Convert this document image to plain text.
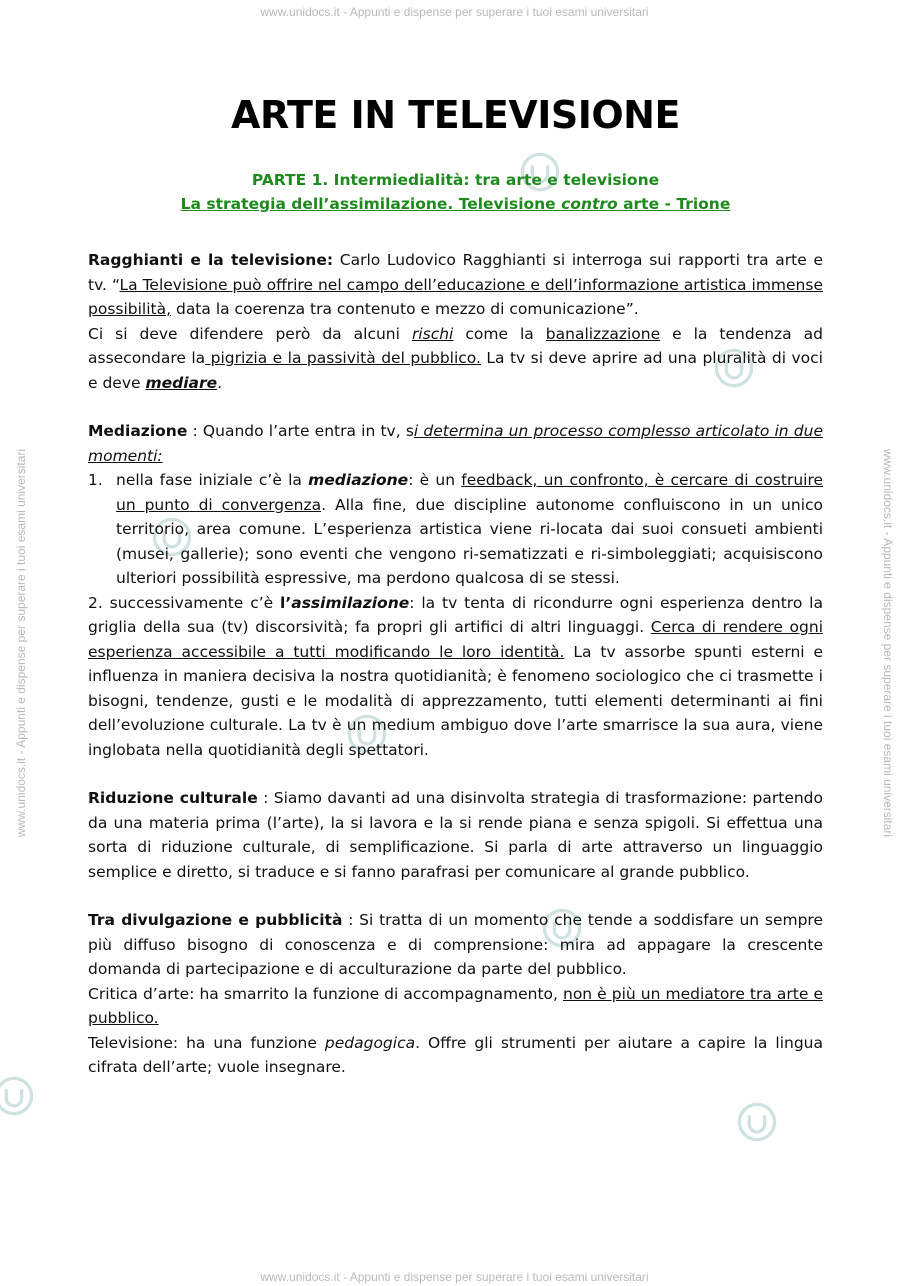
www.unidocs.it - Appunti e dispense per superare i tuoi esami universitari
www.unidocs.it - Appunti e dispense per superare i tuoi esami universitari
www.unidocs.it - Appunti e dispense per superare i tuoi esami universitari	www.unidocs.it - Appunti e dispense per superare i tuoi esami universitari
ARTE IN TELEVISIONE
PARTE 1. Intermiedialità: tra arte e televisione
La strategia dell’assimilazione. Televisione contro arte - Trione

Ragghianti e la televisione: Carlo Ludovico Ragghianti si interroga sui rapporti tra arte e tv. “La Televisione può offrire nel campo dell’educazione e dell’informazione artistica immense possibilità, data la coerenza tra contenuto e mezzo di comunicazione”.

Ci si deve difendere però da alcuni rischi come la banalizzazione e la tendenza ad assecondare la pigrizia e la passività del pubblico. La tv si deve aprire ad una pluralità di voci e deve mediare.

Mediazione : Quando l’arte entra in tv, si determina un processo complesso articolato in due momenti:

1. nella fase iniziale c’è la mediazione: è un feedback, un confronto, è cercare di costruire un punto di convergenza. Alla fine, due discipline autonome confluiscono in un unico territorio, area comune. L’esperienza artistica viene ri-locata dai suoi consueti ambienti (musei, gallerie); sono eventi che vengono ri-sematizzati e ri-simboleggiati; acquisiscono ulteriori possibilità espressive, ma perdono qualcosa di se stessi.

2. successivamente c’è l’assimilazione: la tv tenta di ricondurre ogni esperienza dentro la griglia della sua (tv) discorsività; fa propri gli artifici di altri linguaggi. Cerca di rendere ogni esperienza accessibile a tutti modificando le loro identità. La tv assorbe spunti esterni e influenza in maniera decisiva la nostra quotidianità; è fenomeno sociologico che ci trasmette i bisogni, tendenze, gusti e le modalità di apprezzamento, tutti elementi determinanti ai fini dell’evoluzione culturale. La tv è un medium ambiguo dove l’arte smarrisce la sua aura, viene inglobata nella quotidianità degli spettatori.

Riduzione culturale : Siamo davanti ad una disinvolta strategia di trasformazione: partendo da una materia prima (l’arte), la si lavora e la si rende piana e senza spigoli. Si effettua una sorta di riduzione culturale, di semplificazione. Si parla di arte attraverso un linguaggio semplice e diretto, si traduce e si fanno parafrasi per comunicare al grande pubblico.

Tra divulgazione e pubblicità : Si tratta di un momento che tende a soddisfare un sempre più diffuso bisogno di conoscenza e di comprensione: mira ad appagare la crescente domanda di partecipazione e di acculturazione da parte del pubblico.

Critica d’arte: ha smarrito la funzione di accompagnamento, non è più un mediatore tra arte e pubblico.

Televisione: ha una funzione pedagogica. Offre gli strumenti per aiutare a capire la lingua cifrata dell’arte; vuole insegnare.
